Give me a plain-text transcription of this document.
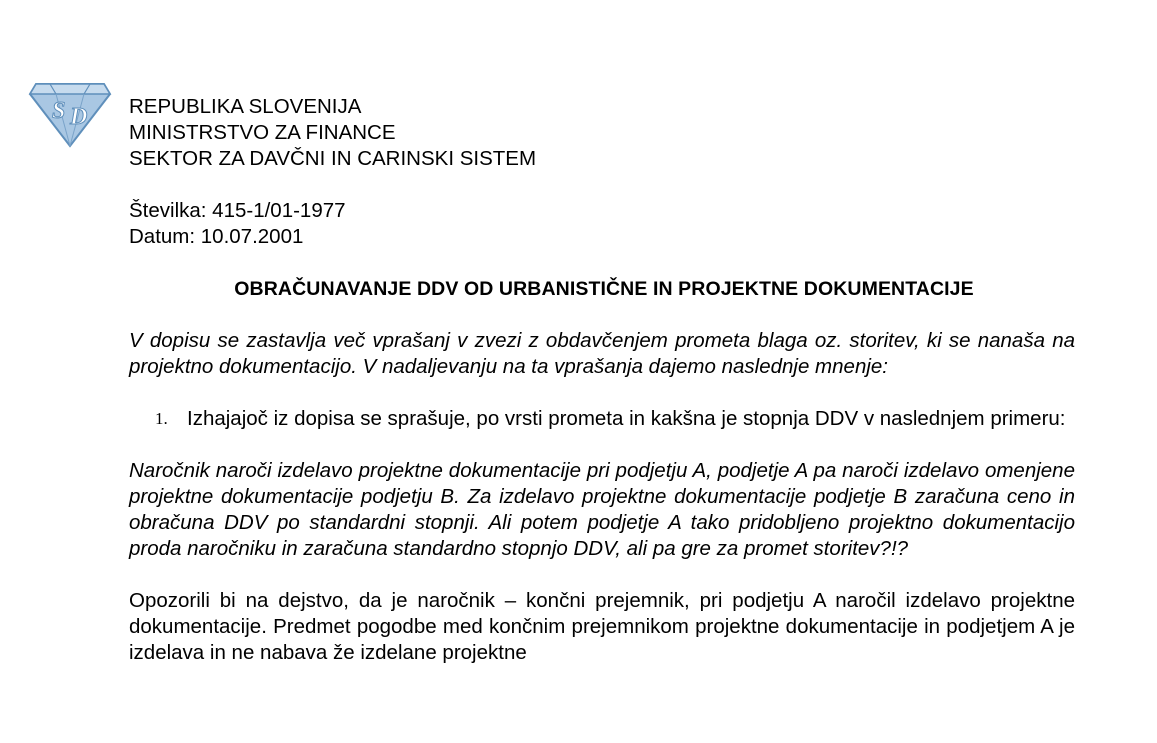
S D REPUBLIKA SLOVENIJA
MINISTRSTVO ZA FINANCE
SEKTOR ZA DAVČNI IN CARINSKI SISTEM
Številka: 415-1/01-1977
Datum: 10.07.2001
OBRAČUNAVANJE DDV OD URBANISTIČNE IN PROJEKTNE DOKUMENTACIJE

V dopisu se zastavlja več vprašanj v zvezi z obdavčenjem prometa blaga oz. storitev, ki se nanaša na projektno dokumentacijo. V nadaljevanju na ta vprašanja dajemo naslednje mnenje:

1. Izhajajoč iz dopisa se sprašuje, po vrsti prometa in kakšna je stopnja DDV v naslednjem primeru:

Naročnik naroči izdelavo projektne dokumentacije pri podjetju A, podjetje A pa naroči izdelavo omenjene projektne dokumentacije podjetju B. Za izdelavo projektne dokumentacije podjetje B zaračuna ceno in obračuna DDV po standardni stopnji. Ali potem podjetje A tako pridobljeno projektno dokumentacijo proda naročniku in zaračuna standardno stopnjo DDV, ali pa gre za promet storitev?!?

Opozorili bi na dejstvo, da je naročnik – končni prejemnik, pri podjetju A naročil izdelavo projektne dokumentacije. Predmet pogodbe med končnim prejemnikom projektne dokumentacije in podjetjem A je izdelava in ne nabava že izdelane projektne
